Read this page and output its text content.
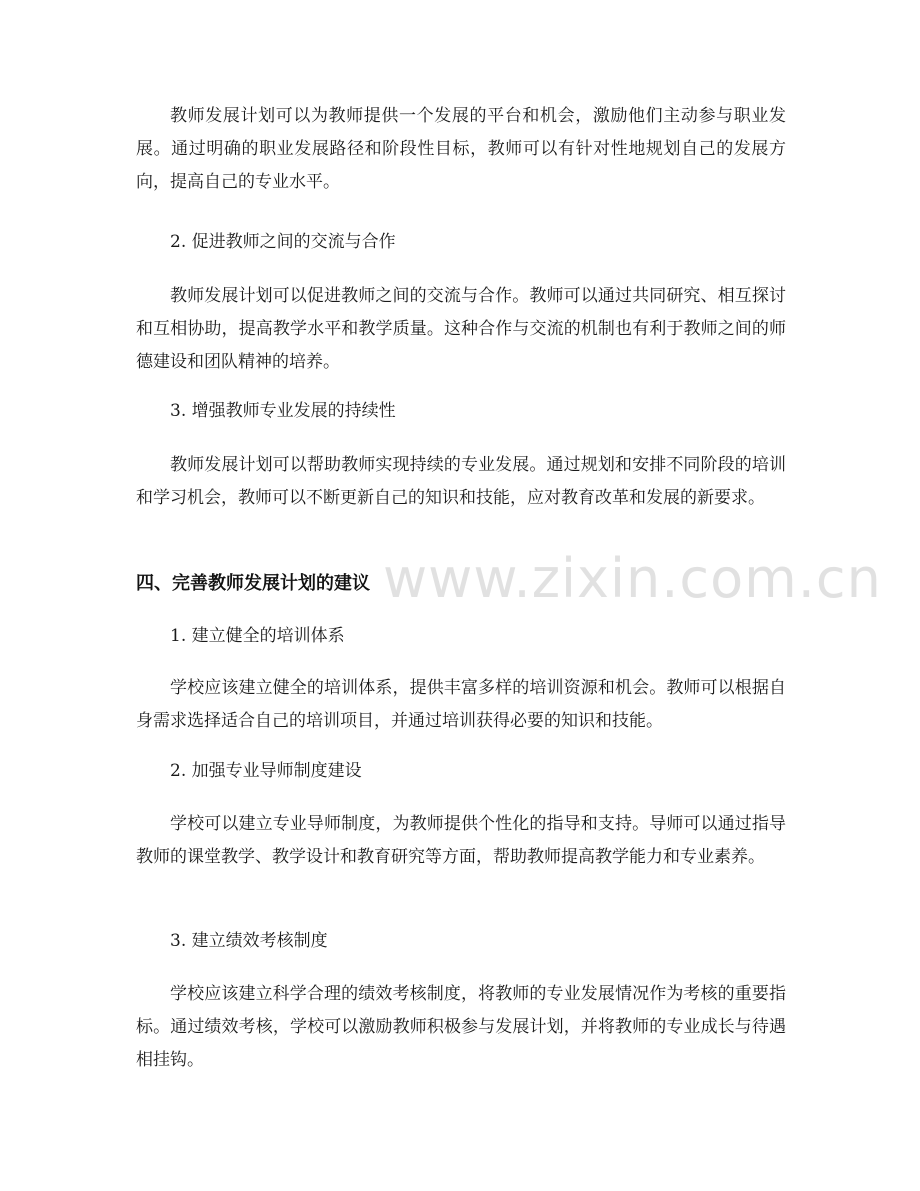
教师发展计划可以为教师提供一个发展的平台和机会，激励他们主动参与职业发展。通过明确的职业发展路径和阶段性目标，教师可以有针对性地规划自己的发展方向，提高自己的专业水平。

2. 促进教师之间的交流与合作

教师发展计划可以促进教师之间的交流与合作。教师可以通过共同研究、相互探讨和互相协助，提高教学水平和教学质量。这种合作与交流的机制也有利于教师之间的师德建设和团队精神的培养。

3. 增强教师专业发展的持续性

教师发展计划可以帮助教师实现持续的专业发展。通过规划和安排不同阶段的培训和学习机会，教师可以不断更新自己的知识和技能，应对教育改革和发展的新要求。

四、完善教师发展计划的建议

1. 建立健全的培训体系

学校应该建立健全的培训体系，提供丰富多样的培训资源和机会。教师可以根据自身需求选择适合自己的培训项目，并通过培训获得必要的知识和技能。

2. 加强专业导师制度建设

学校可以建立专业导师制度，为教师提供个性化的指导和支持。导师可以通过指导教师的课堂教学、教学设计和教育研究等方面，帮助教师提高教学能力和专业素养。

3. 建立绩效考核制度

学校应该建立科学合理的绩效考核制度，将教师的专业发展情况作为考核的重要指标。通过绩效考核，学校可以激励教师积极参与发展计划，并将教师的专业成长与待遇相挂钩。

www.zixin.com.cn
